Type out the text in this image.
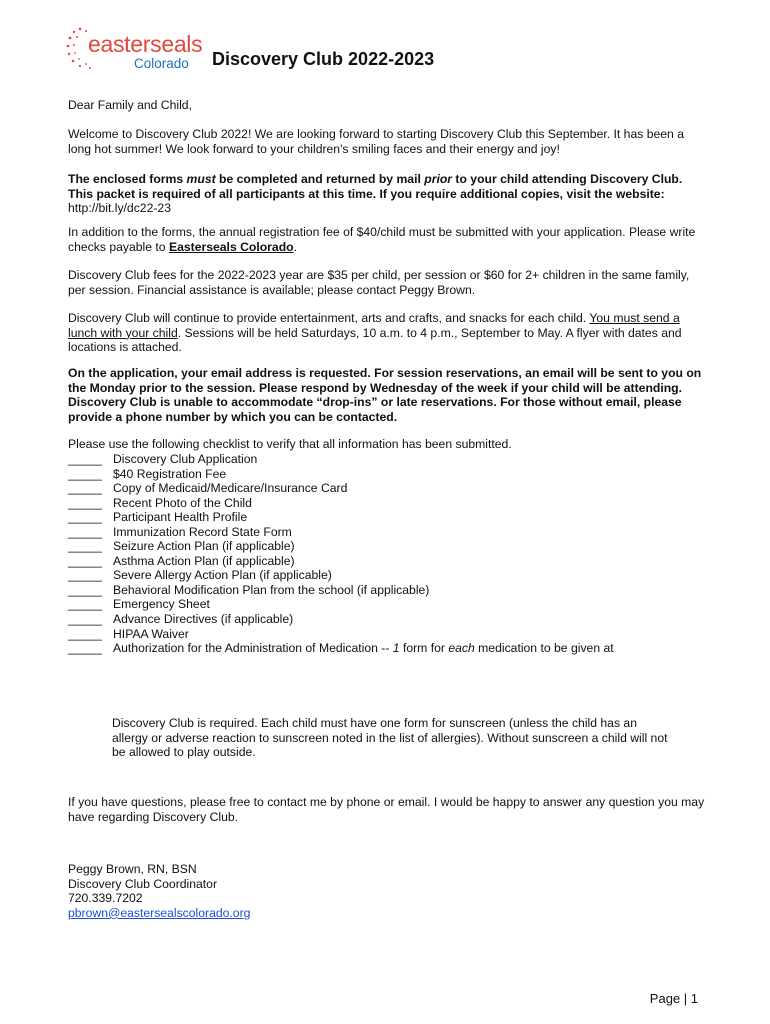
easterseals
Colorado Discovery Club 2022-2023

Dear Family and Child,

Welcome to Discovery Club 2022! We are looking forward to starting Discovery Club this September. It has been a long hot summer! We look forward to your children's smiling faces and their energy and joy!

The enclosed forms must be completed and returned by mail prior to your child attending Discovery Club. This packet is required of all participants at this time. If you require additional copies, visit the website:
http://bit.ly/dc22-23

In addition to the forms, the annual registration fee of $40/child must be submitted with your application. Please write checks payable to Easterseals Colorado.

Discovery Club fees for the 2022-2023 year are $35 per child, per session or $60 for 2+ children in the same family, per session. Financial assistance is available; please contact Peggy Brown.

Discovery Club will continue to provide entertainment, arts and crafts, and snacks for each child. You must send a lunch with your child. Sessions will be held Saturdays, 10 a.m. to 4 p.m., September to May. A flyer with dates and locations is attached.

On the application, your email address is requested. For session reservations, an email will be sent to you on the Monday prior to the session. Please respond by Wednesday of the week if your child will be attending. Discovery Club is unable to accommodate “drop-ins” or late reservations. For those without email, please provide a phone number by which you can be contacted.

Please use the following checklist to verify that all information has been submitted.

_____ Discovery Club Application
_____ $40 Registration Fee
_____ Copy of Medicaid/Medicare/Insurance Card
_____ Recent Photo of the Child
_____ Participant Health Profile
_____ Immunization Record State Form
_____ Seizure Action Plan (if applicable)
_____ Asthma Action Plan (if applicable)
_____ Severe Allergy Action Plan (if applicable)
_____ Behavioral Modification Plan from the school (if applicable)
_____ Emergency Sheet
_____ Advance Directives (if applicable)
_____ HIPAA Waiver

_____ Authorization for the Administration of Medication -- 1 form for each medication to be given at

Discovery Club is required. Each child must have one form for sunscreen (unless the child has an allergy or adverse reaction to sunscreen noted in the list of allergies). Without sunscreen a child will not be allowed to play outside.

If you have questions, please free to contact me by phone or email. I would be happy to answer any question you may have regarding Discovery Club.

Peggy Brown, RN, BSN
Discovery Club Coordinator
720.339.7202
pbrown@eastersealscolorado.org
Page | 1
